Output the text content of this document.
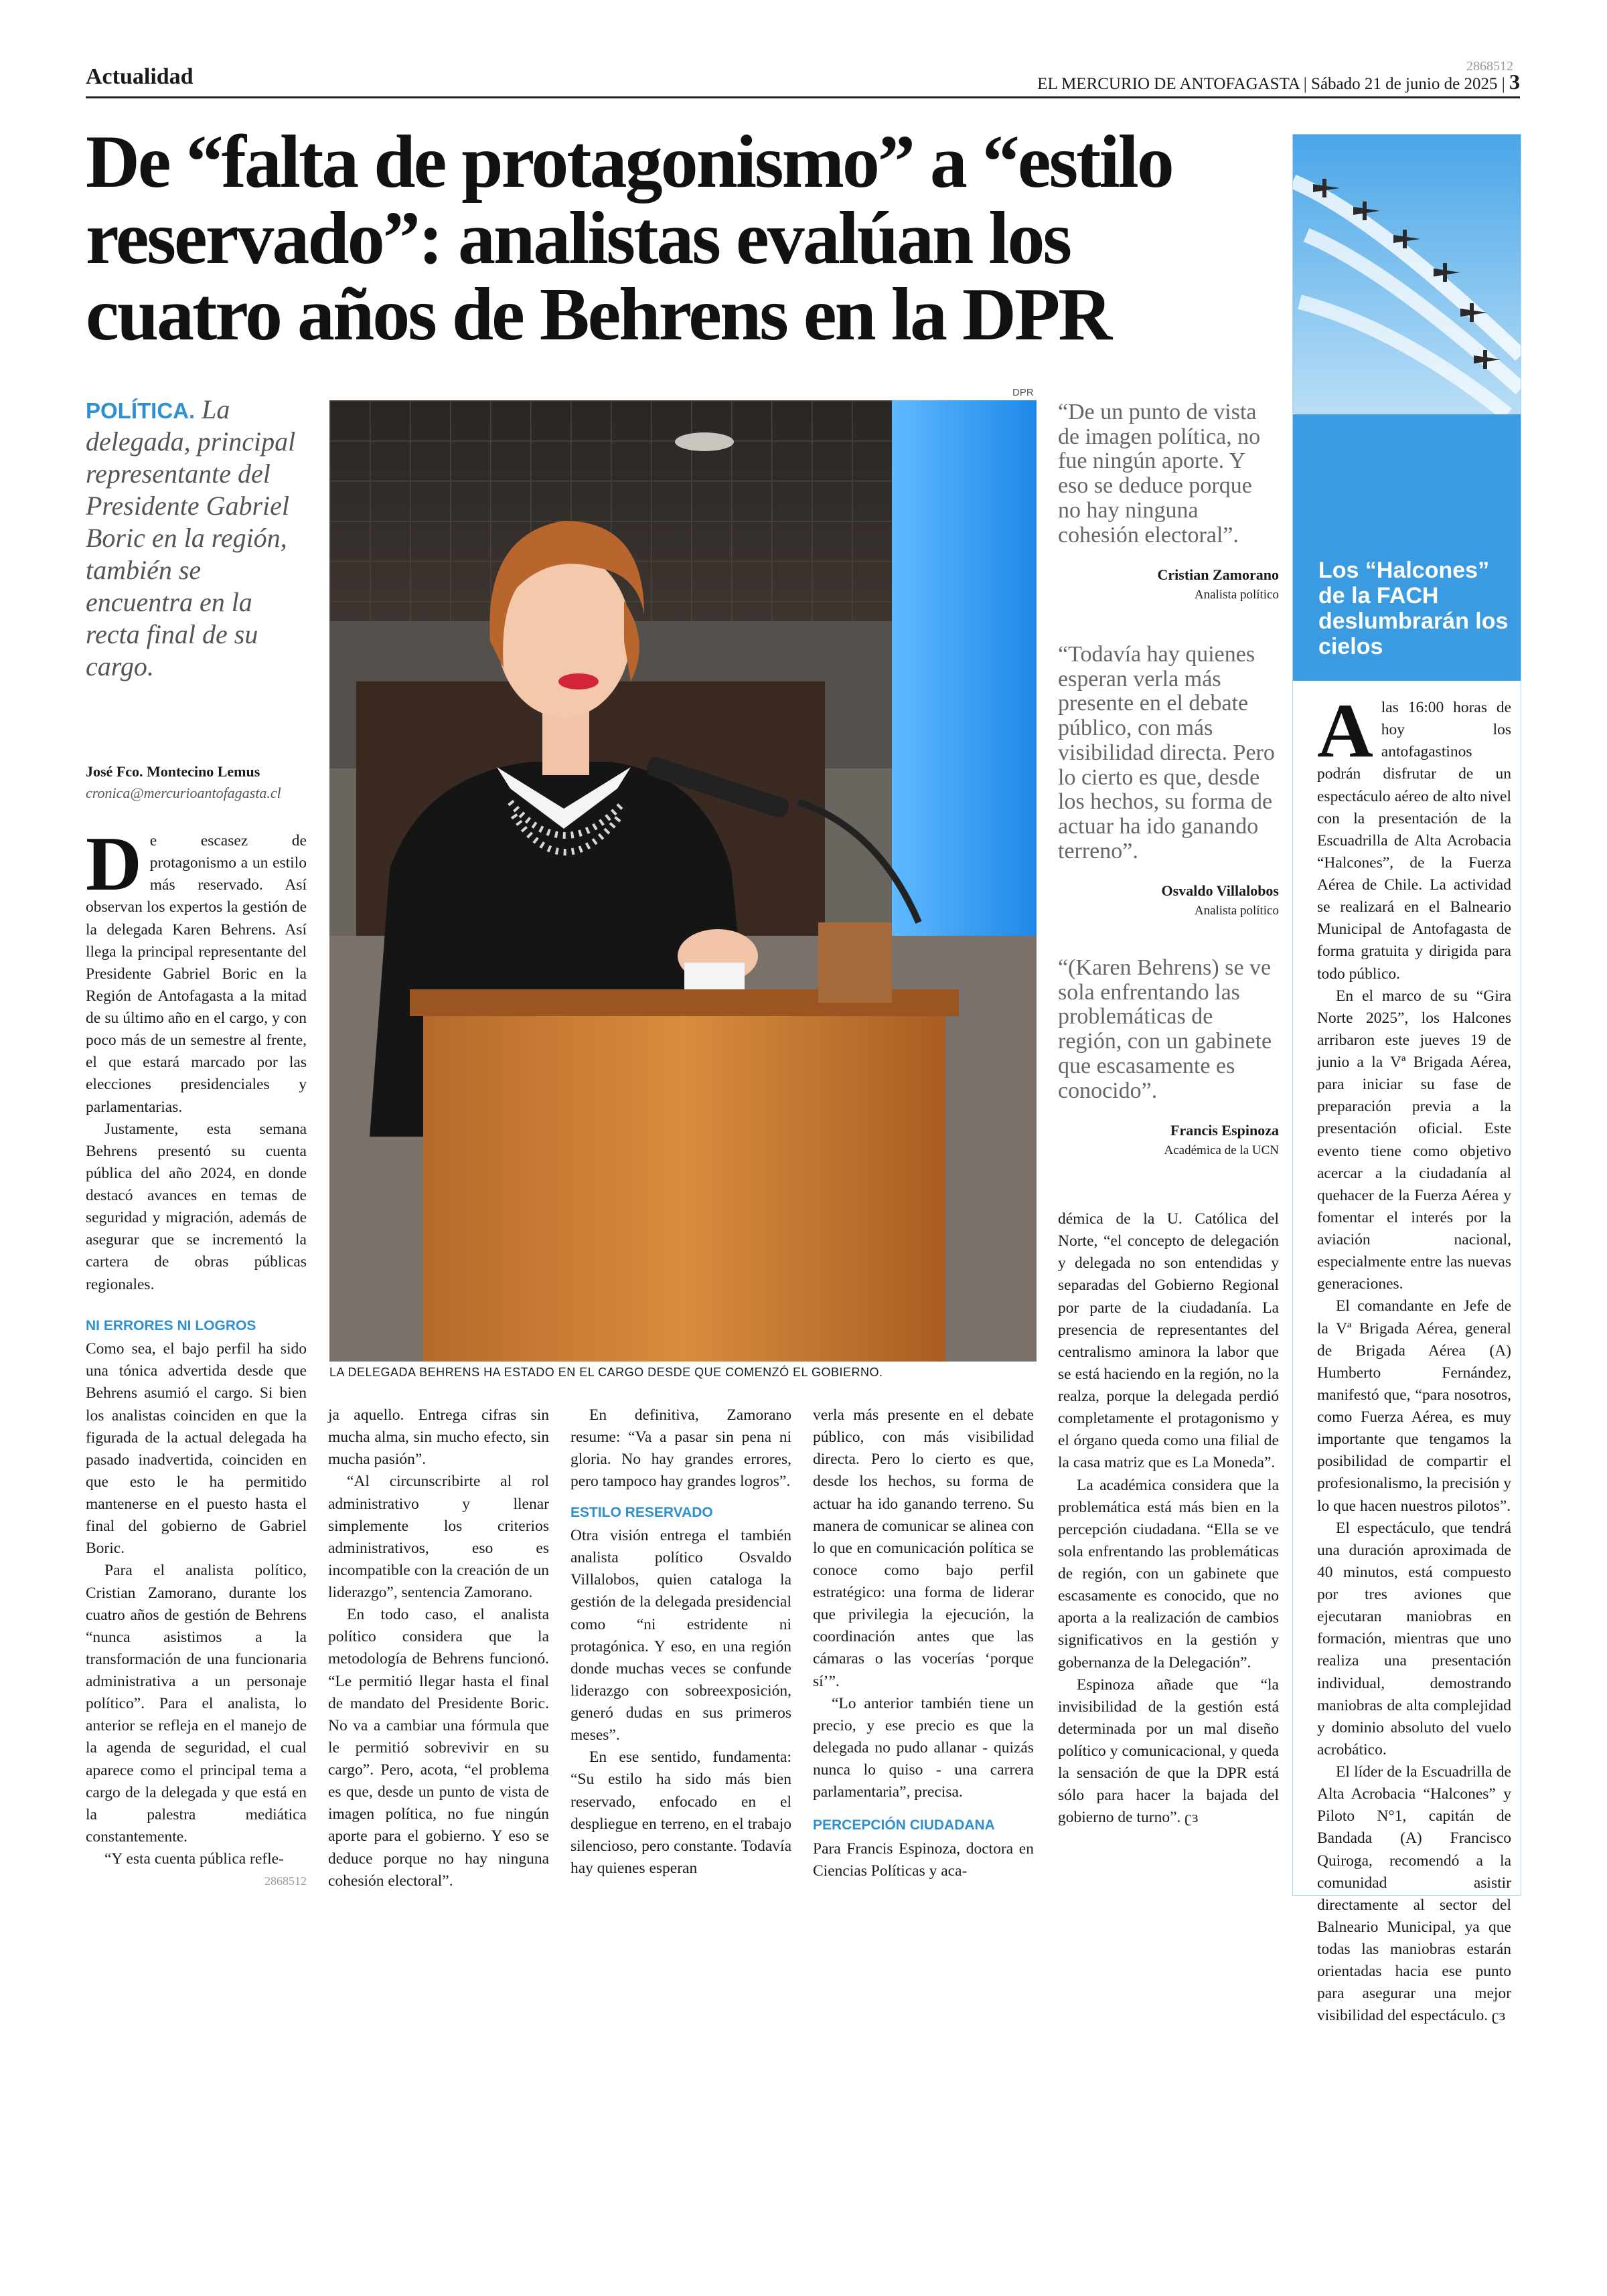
Actualidad	2868512
EL MERCURIO DE ANTOFAGASTA | Sábado 21 de junio de 2025 | 3
De “falta de protagonismo” a “estilo reservado”: analistas evalúan los cuatro años de Behrens en la DPR
POLÍTICA. La delegada, principal representante del Presidente Gabriel Boric en la región, también se encuentra en la recta final de su cargo.
José Fco. Montecino Lemus
cronica@mercurioantofagasta.cl

De escasez de protagonismo a un estilo más reservado. Así observan los expertos la gestión de la delegada Karen Behrens. Así llega la principal representante del Presidente Gabriel Boric en la Región de Antofagasta a la mitad de su último año en el cargo, y con poco más de un semestre al frente, el que estará marcado por las elecciones presidenciales y parlamentarias.

Justamente, esta semana Behrens presentó su cuenta pública del año 2024, en donde destacó avances en temas de seguridad y migración, además de asegurar que se incrementó la cartera de obras públicas regionales.

NI ERRORES NI LOGROS

Como sea, el bajo perfil ha sido una tónica advertida desde que Behrens asumió el cargo. Si bien los analistas coinciden en que la figurada de la actual delegada ha pasado inadvertida, coinciden en que esto le ha permitido mantenerse en el puesto hasta el final del gobierno de Gabriel Boric.

Para el analista político, Cristian Zamorano, durante los cuatro años de gestión de Behrens “nunca asistimos a la transformación de una funcionaria administrativa a un personaje político”. Para el analista, lo anterior se refleja en el manejo de la agenda de seguridad, el cual aparece como el principal tema a cargo de la delegada y que está en la palestra mediática constantemente.

“Y esta cuenta pública refle-

2868512

ja aquello. Entrega cifras sin mucha alma, sin mucho efecto, sin mucha pasión”.

“Al circunscribirte al rol administrativo y llenar simplemente los criterios administrativos, eso es incompatible con la creación de un liderazgo”, sentencia Zamorano.

En todo caso, el analista político considera que la metodología de Behrens funcionó. “Le permitió llegar hasta el final de mandato del Presidente Boric. No va a cambiar una fórmula que le permitió sobrevivir en su cargo”. Pero, acota, “el problema es que, desde un punto de vista de imagen política, no fue ningún aporte para el gobierno. Y eso se deduce porque no hay ninguna cohesión electoral”.

En definitiva, Zamorano resume: “Va a pasar sin pena ni gloria. No hay grandes errores, pero tampoco hay grandes logros”.

ESTILO RESERVADO

Otra visión entrega el también analista político Osvaldo Villalobos, quien cataloga la gestión de la delegada presidencial como “ni estridente ni protagónica. Y eso, en una región donde muchas veces se confunde liderazgo con sobreexposición, generó dudas en sus primeros meses”.

En ese sentido, fundamenta: “Su estilo ha sido más bien reservado, enfocado en el despliegue en terreno, en el trabajo silencioso, pero constante. Todavía hay quienes esperan

verla más presente en el debate público, con más visibilidad directa. Pero lo cierto es que, desde los hechos, su forma de actuar ha ido ganando terreno. Su manera de comunicar se alinea con lo que en comunicación política se conoce como bajo perfil estratégico: una forma de liderar que privilegia la ejecución, la coordinación antes que las cámaras o las vocerías ‘porque sí’”.

“Lo anterior también tiene un precio, y ese precio es que la delegada no pudo allanar - quizás nunca lo quiso - una carrera parlamentaria”, precisa.

PERCEPCIÓN CIUDADANA

Para Francis Espinoza, doctora en Ciencias Políticas y aca-

DPR
LA DELEGADA BEHRENS HA ESTADO EN EL CARGO DESDE QUE COMENZÓ EL GOBIERNO.
“De un punto de vista de imagen política, no fue ningún aporte. Y eso se deduce porque no hay ninguna cohesión electoral”.
Cristian Zamorano
Analista político
“Todavía hay quienes esperan verla más presente en el debate público, con más visibilidad directa. Pero lo cierto es que, desde los hechos, su forma de actuar ha ido ganando terreno”.
Osvaldo Villalobos
Analista político
“(Karen Behrens) se ve sola enfrentando las problemáticas de región, con un gabinete que escasamente es conocido”.
Francis Espinoza
Académica de la UCN

démica de la U. Católica del Norte, “el concepto de delegación y delegada no son entendidas y separadas del Gobierno Regional por parte de la ciudadanía. La presencia de representantes del centralismo aminora la labor que se está haciendo en la región, no la realza, porque la delegada perdió completamente el protagonismo y el órgano queda como una filial de la casa matriz que es La Moneda”.

La académica considera que la problemática está más bien en la percepción ciudadana. “Ella se ve sola enfrentando las problemáticas de región, con un gabinete que escasamente es conocido, que no aporta a la realización de cambios significativos en la gestión y gobernanza de la Delegación”.

Espinoza añade que “la invisibilidad de la gestión está determinada por un mal diseño político y comunicacional, y queda la sensación de que la DPR está sólo para hacer la bajada del gobierno de turno”. ʗɜ

Los “Halcones” de la FACH deslumbrarán los cielos

Alas 16:00 horas de hoy los antofagastinos podrán disfrutar de un espectáculo aéreo de alto nivel con la presentación de la Escuadrilla de Alta Acrobacia “Halcones”, de la Fuerza Aérea de Chile. La actividad se realizará en el Balneario Municipal de Antofagasta de forma gratuita y dirigida para todo público.

En el marco de su “Gira Norte 2025”, los Halcones arribaron este jueves 19 de junio a la Vª Brigada Aérea, para iniciar su fase de preparación previa a la presentación oficial. Este evento tiene como objetivo acercar a la ciudadanía al quehacer de la Fuerza Aérea y fomentar el interés por la aviación nacional, especialmente entre las nuevas generaciones.

El comandante en Jefe de la Vª Brigada Aérea, general de Brigada Aérea (A) Humberto Fernández, manifestó que, “para nosotros, como Fuerza Aérea, es muy importante que tengamos la posibilidad de compartir el profesionalismo, la precisión y lo que hacen nuestros pilotos”.

El espectáculo, que tendrá una duración aproximada de 40 minutos, está compuesto por tres aviones que ejecutaran maniobras en formación, mientras que uno realiza una presentación individual, demostrando maniobras de alta complejidad y dominio absoluto del vuelo acrobático.

El líder de la Escuadrilla de Alta Acrobacia “Halcones” y Piloto N°1, capitán de Bandada (A) Francisco Quiroga, recomendó a la comunidad asistir directamente al sector del Balneario Municipal, ya que todas las maniobras estarán orientadas hacia ese punto para asegurar una mejor visibilidad del espectáculo. ʗɜ
